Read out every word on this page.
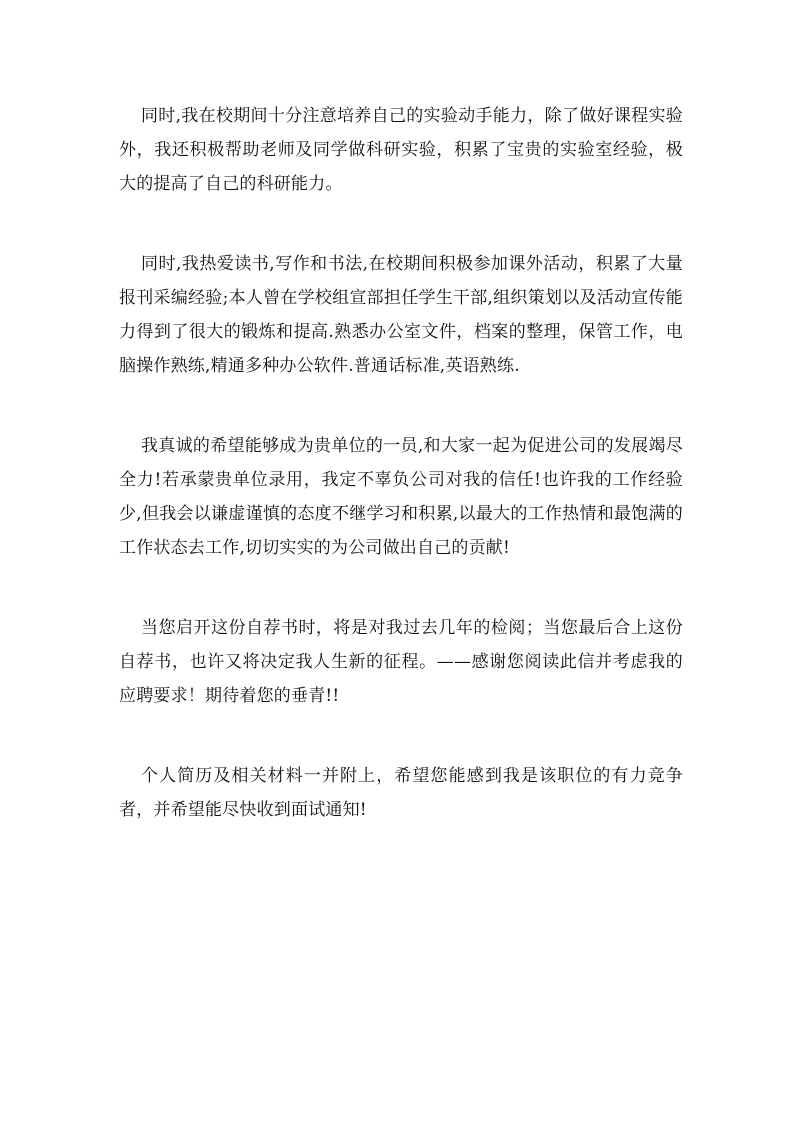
同时,我在校期间十分注意培养自己的实验动手能力，除了做好课程实验外，我还积极帮助老师及同学做科研实验，积累了宝贵的实验室经验，极大的提高了自己的科研能力。

同时,我热爱读书,写作和书法,在校期间积极参加课外活动，积累了大量报刊采编经验;本人曾在学校组宣部担任学生干部,组织策划以及活动宣传能力得到了很大的锻炼和提高.熟悉办公室文件，档案的整理，保管工作，电脑操作熟练,精通多种办公软件.普通话标准,英语熟练.

我真诚的希望能够成为贵单位的一员,和大家一起为促进公司的发展竭尽全力!若承蒙贵单位录用，我定不辜负公司对我的信任!也许我的工作经验少,但我会以谦虚谨慎的态度不继学习和积累,以最大的工作热情和最饱满的工作状态去工作,切切实实的为公司做出自己的贡献!

当您启开这份自荐书时，将是对我过去几年的检阅；当您最后合上这份自荐书，也许又将决定我人生新的征程。——感谢您阅读此信并考虑我的应聘要求！期待着您的垂青!!

个人简历及相关材料一并附上，希望您能感到我是该职位的有力竞争者，并希望能尽快收到面试通知!
